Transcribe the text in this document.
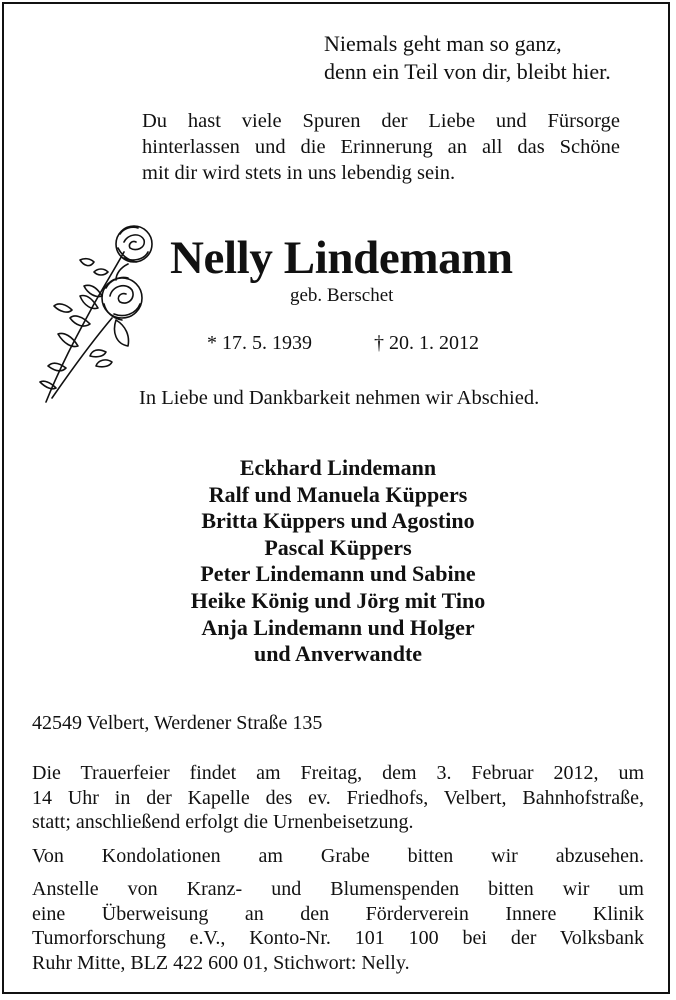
Niemals geht man so ganz,
denn ein Teil von dir, bleibt hier.
Du hast viele Spuren der Liebe und Fürsorge
hinterlassen und die Erinnerung an all das Schöne
mit dir wird stets in uns lebendig sein.
Nelly Lindemann
geb. Berschet
* 17. 5. 1939	† 20. 1. 2012
In Liebe und Dankbarkeit nehmen wir Abschied.
Eckhard Lindemann
Ralf und Manuela Küppers
Britta Küppers und Agostino
Pascal Küppers
Peter Lindemann und Sabine
Heike König und Jörg mit Tino
Anja Lindemann und Holger
und Anverwandte
42549 Velbert, Werdener Straße 135
Die Trauerfeier findet am Freitag, dem 3. Februar 2012, um
14 Uhr in der Kapelle des ev. Friedhofs, Velbert, Bahnhofstraße,
statt; anschließend erfolgt die Urnenbeisetzung.
Von Kondolationen am Grabe bitten wir abzusehen.
Anstelle von Kranz- und Blumenspenden bitten wir um
eine Überweisung an den Förderverein Innere Klinik
Tumorforschung e.V., Konto-Nr. 101 100 bei der Volksbank
Ruhr Mitte, BLZ 422 600 01, Stichwort: Nelly.
